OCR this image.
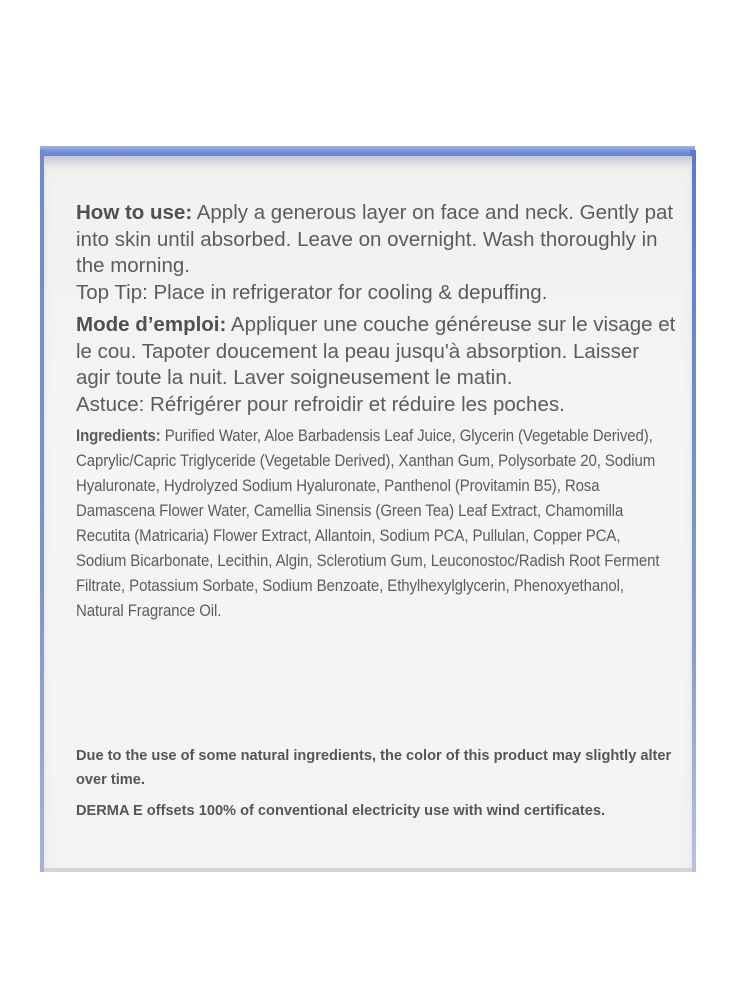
How to use: Apply a generous layer on face and neck. Gently pat into skin until absorbed. Leave on overnight. Wash thoroughly in the morning.

Top Tip: Place in refrigerator for cooling & depuffing.

Mode d’emploi: Appliquer une couche généreuse sur le visage et le cou. Tapoter doucement la peau jusqu'à absorption. Laisser agir toute la nuit. Laver soigneusement le matin.

Astuce: Réfrigérer pour refroidir et réduire les poches.

Ingredients: Purified Water, Aloe Barbadensis Leaf Juice, Glycerin (Vegetable Derived), Caprylic/Capric Triglyceride (Vegetable Derived), Xanthan Gum, Polysorbate 20, Sodium Hyaluronate, Hydrolyzed Sodium Hyaluronate, Panthenol (Provitamin B5), Rosa Damascena Flower Water, Camellia Sinensis (Green Tea) Leaf Extract, Chamomilla Recutita (Matricaria) Flower Extract, Allantoin, Sodium PCA, Pullulan, Copper PCA, Sodium Bicarbonate, Lecithin, Algin, Sclerotium Gum, Leuconostoc/Radish Root Ferment Filtrate, Potassium Sorbate, Sodium Benzoate, Ethylhexylglycerin, Phenoxyethanol, Natural Fragrance Oil.

Due to the use of some natural ingredients, the color of this product may slightly alter over time.

DERMA E offsets 100% of conventional electricity use with wind certificates.
